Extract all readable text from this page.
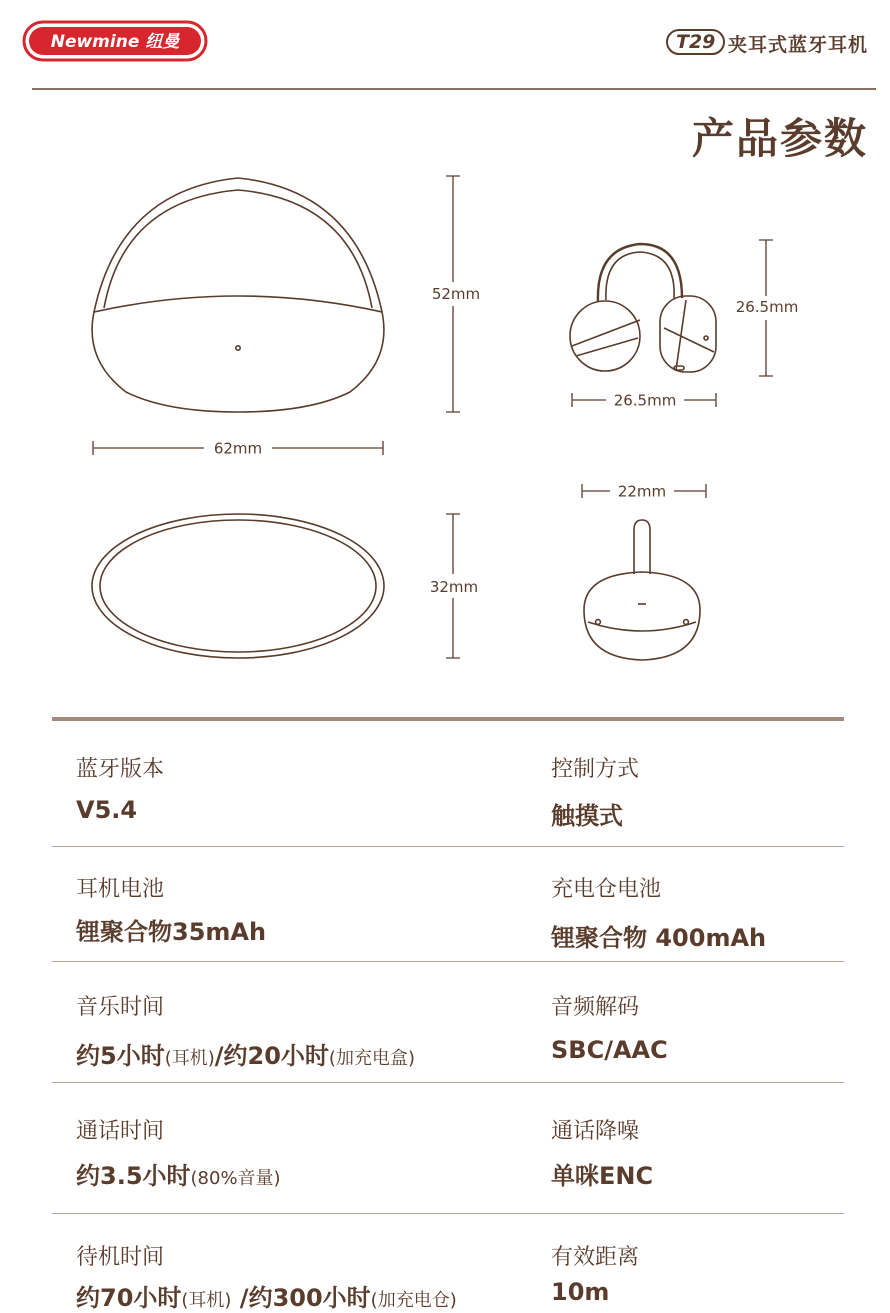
Newmine 纽曼	T29 夹耳式蓝牙耳机
产品参数
52mm
62mm
32mm
26.5mm
26.5mm
22mm
蓝牙版本
V5.4
控制方式
触摸式
耳机电池
锂聚合物35mAh
充电仓电池
锂聚合物 400mAh
音乐时间
约5小时(耳机)/约20小时(加充电盒)
音频解码
SBC/AAC
通话时间
约3.5小时(80%音量)
通话降噪
单咪ENC
待机时间
约70小时(耳机) /约300小时(加充电仓)
有效距离
10m
